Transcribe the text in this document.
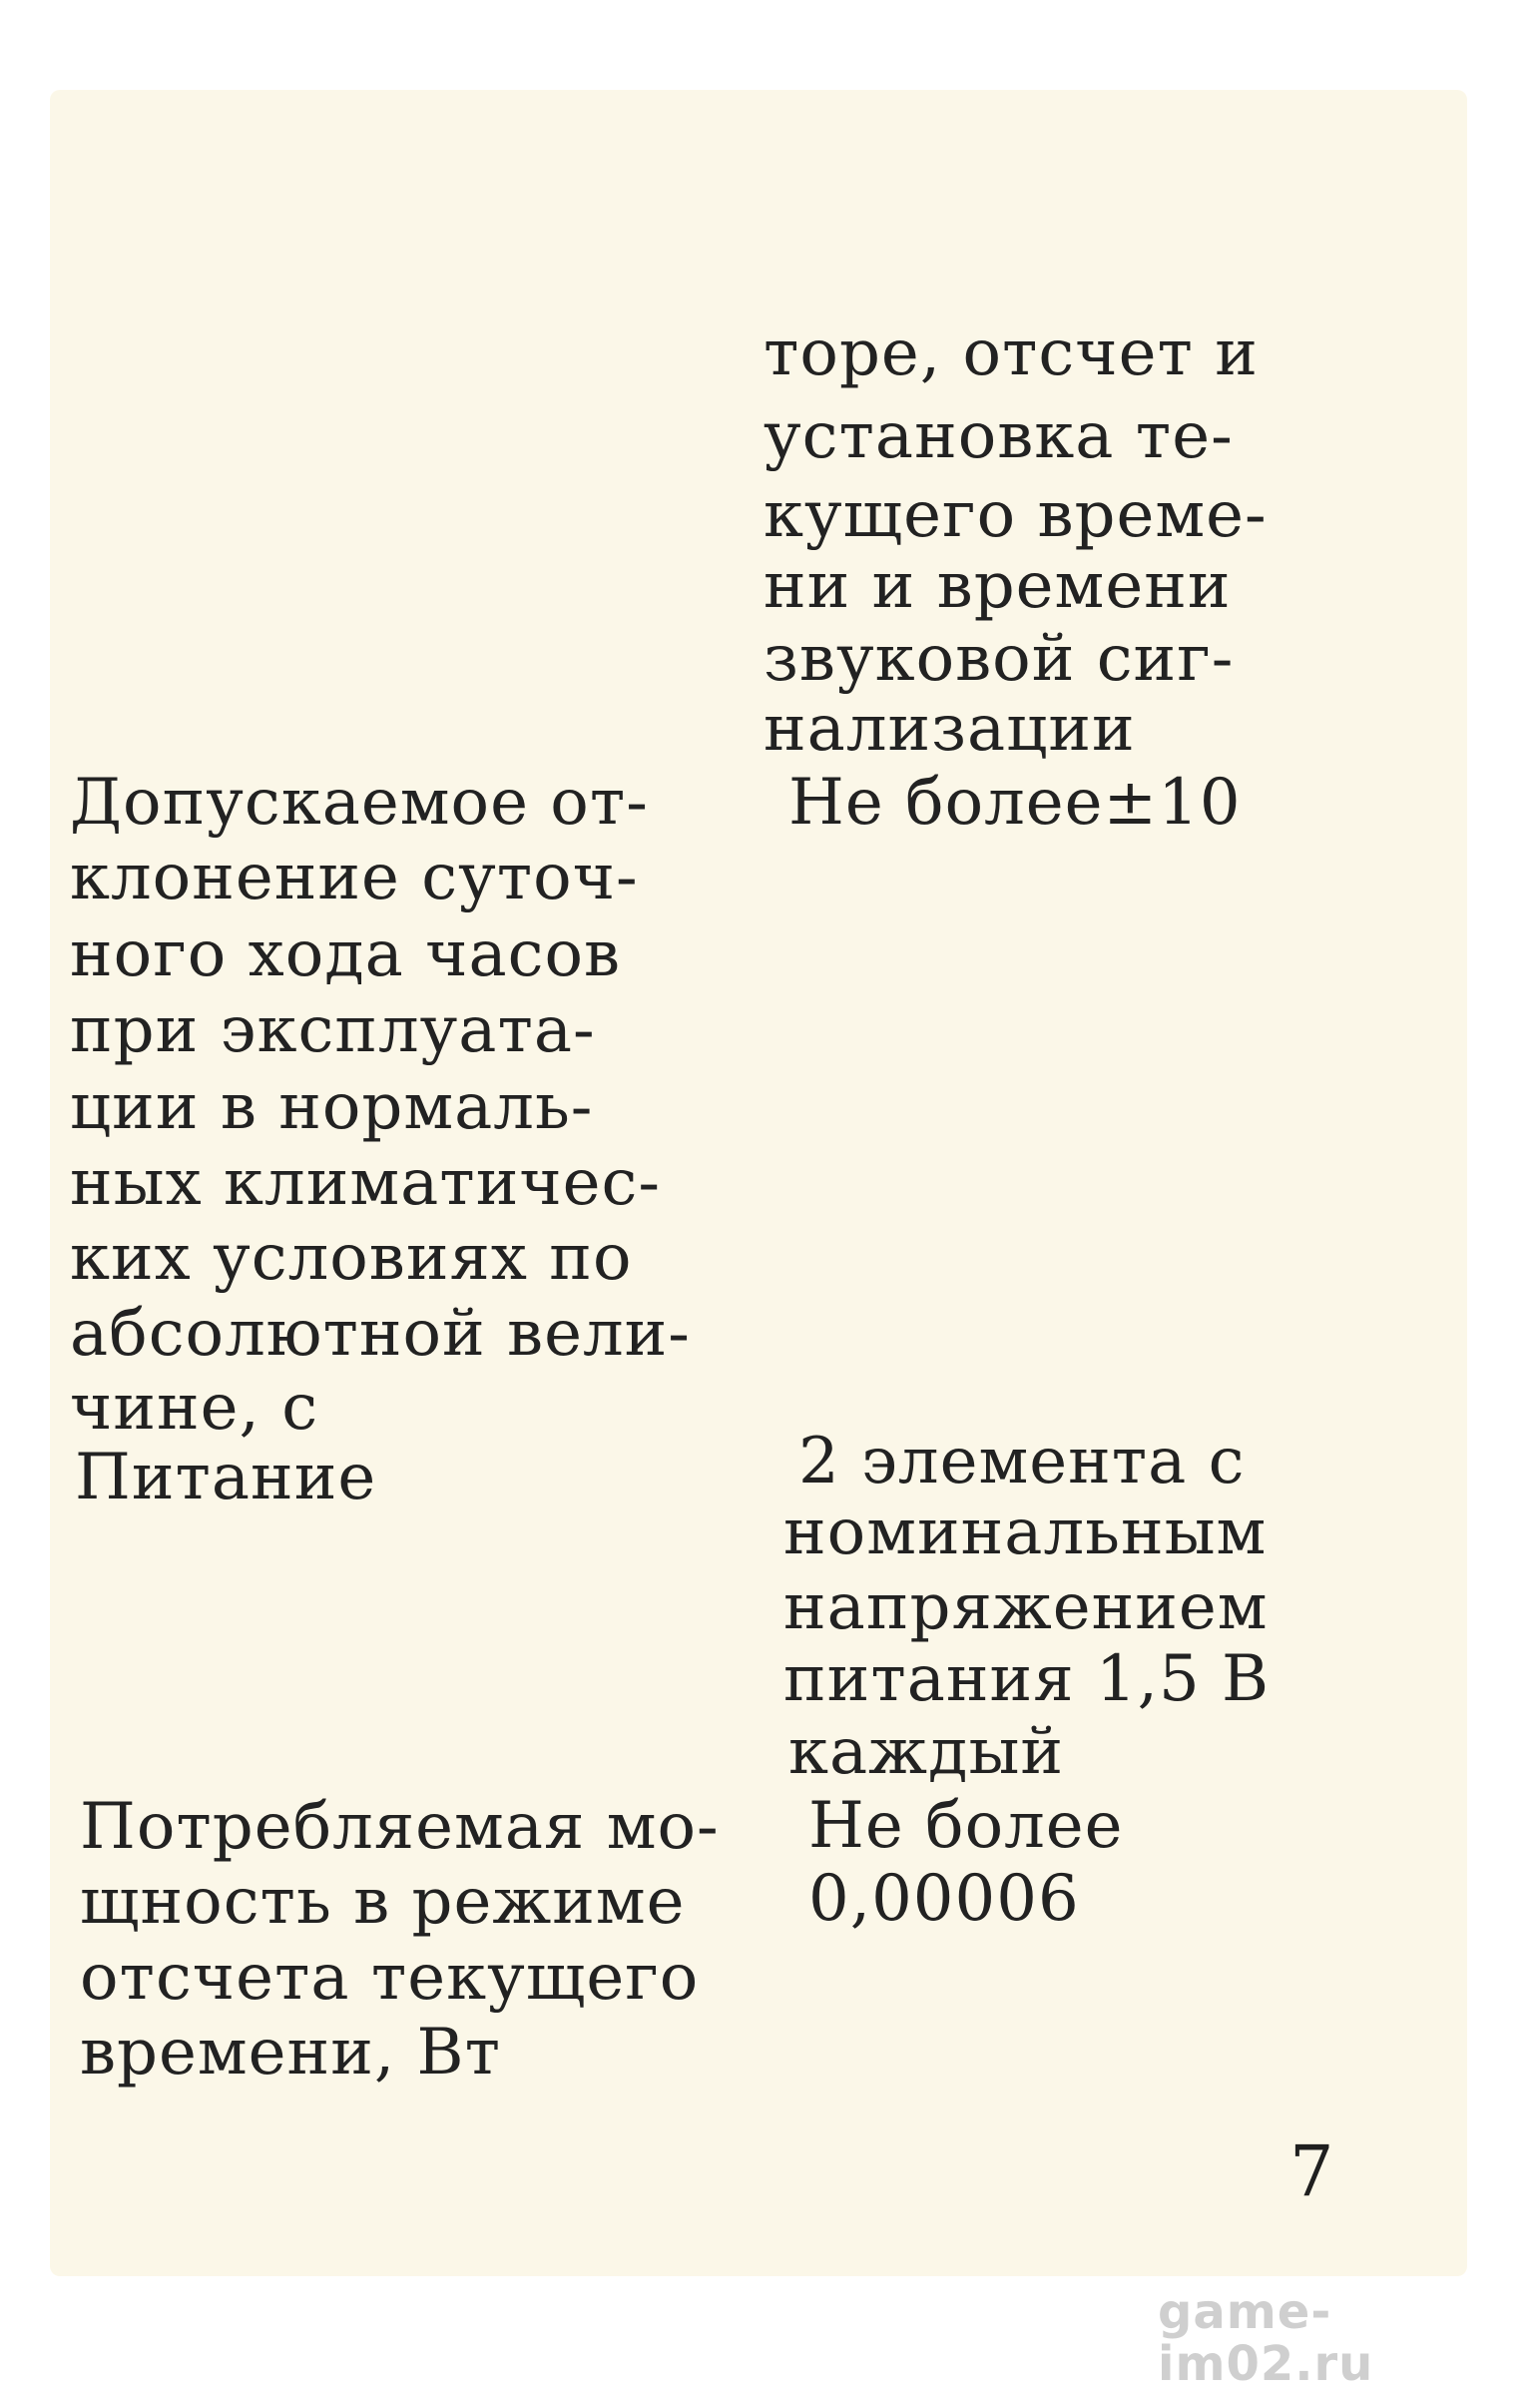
торе, отсчет и
установка те-
кущего време-
ни и времени
звуковой сиг-
нализации
Допускаемое от-
клонение суточ-
ного хода часов
при эксплуата-
ции в нормаль-
ных климатичес-
ких условиях по
абсолютной вели-
чине, с
Не более±10
Питание	2 элемента с
номинальным
напряжением
питания 1,5 В
каждый
Потребляемая мо-
щность в режиме
отсчета текущего
времени, Вт
Не более
0,00006
7
game-im02.ru
